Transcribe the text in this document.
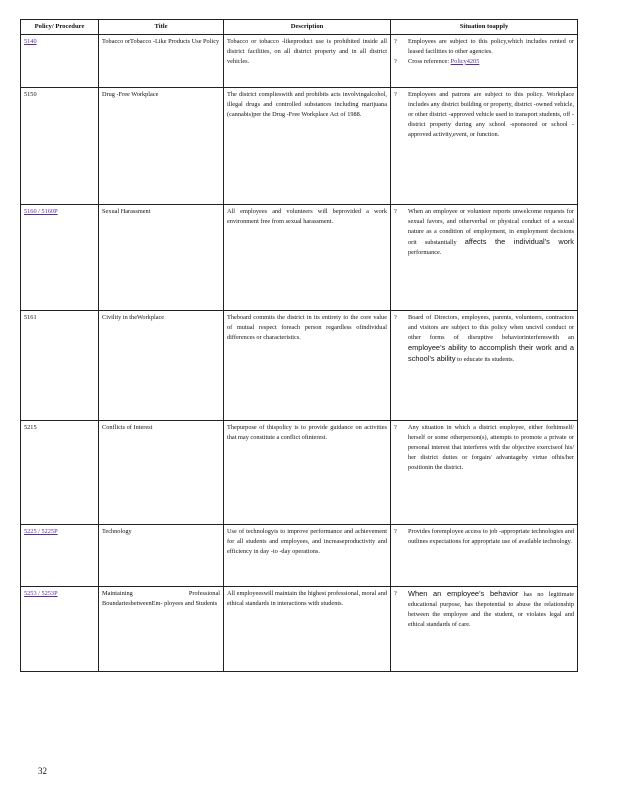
Policy/ Procedure	Title	Description	Situation toapply
5140	Tobacco orTobacco -Like Products Use Policy	Tobacco or tobacco -likeproduct use is prohibited inside all district facilities, on all district property and in all district vehicles.	? Employees are subject to this policy,which includes rented or leased facilities to other agencies.
? Cross reference: Policy4205

5150	Drug -Free Workplace	The district complieswith and prohibits acts involvingalcohol, illegal drugs and controlled substances including marijuana (cannabis)per the Drug -Free Workplace Act of 1988.	? Employees and patrons are subject to this policy. Workplace includes any district building or property, district -owned vehicle, or other district -approved vehicle used to transport students, off - district property during any school -sponsored or school - approved activity,event, or function.

5160 / 5160P	Sexual Harassment	All employees and volunteers will beprovided a work environment free from sexual harassment.	? When an employee or volunteer reports unwelcome requests for sexual favors, and otherverbal or physical conduct of a sexual nature as a condition of employment, in employment decisions orit substantially affects the individual’s work performance.

5161	Civility in theWorkplace	Theboard commits the district in its entirety to the core value of mutual respect foreach person regardless ofindividual differences or characteristics.	? Board of Directors, employees, parents, volunteers, contractors and visitors are subject to this policy when uncivil conduct or other forms of disruptive behaviorinterfereswith an employee’s ability to accomplish their work and a school’s ability to educate its students.

5215	Conflicts of Interest	Thepurpose of thispolicy is to provide guidance on activities that may constitute a conflict ofinterest.	? Any situation in which a district employee, either forhimself/ herself or some otherperson(s), attempts to promote a private or personal interest that interferes with the objective exerciseof his/ her district duties or forgain/ advantageby virtue ofhis/her positionin the district.

5225 / 5225P	Technology	Use of technologyis to improve performance and achievement for all students and employees, and increaseproductivity and efficiency in day -to -day operations.	? Provides foremployee access to job -appropriate technologies and outlines expectations for appropriate use of available technology.

5253 / 5253P	Maintaining Professional BoundariesbetweenEm- ployees and Students	All employeeswill maintain the highest professional, moral and ethical standards in interactions with students.	? When an employee’s behavior has no legitimate educational purpose, has thepotential to abuse the relationship between the employee and the student, or violates legal and ethical standards of care.
32
